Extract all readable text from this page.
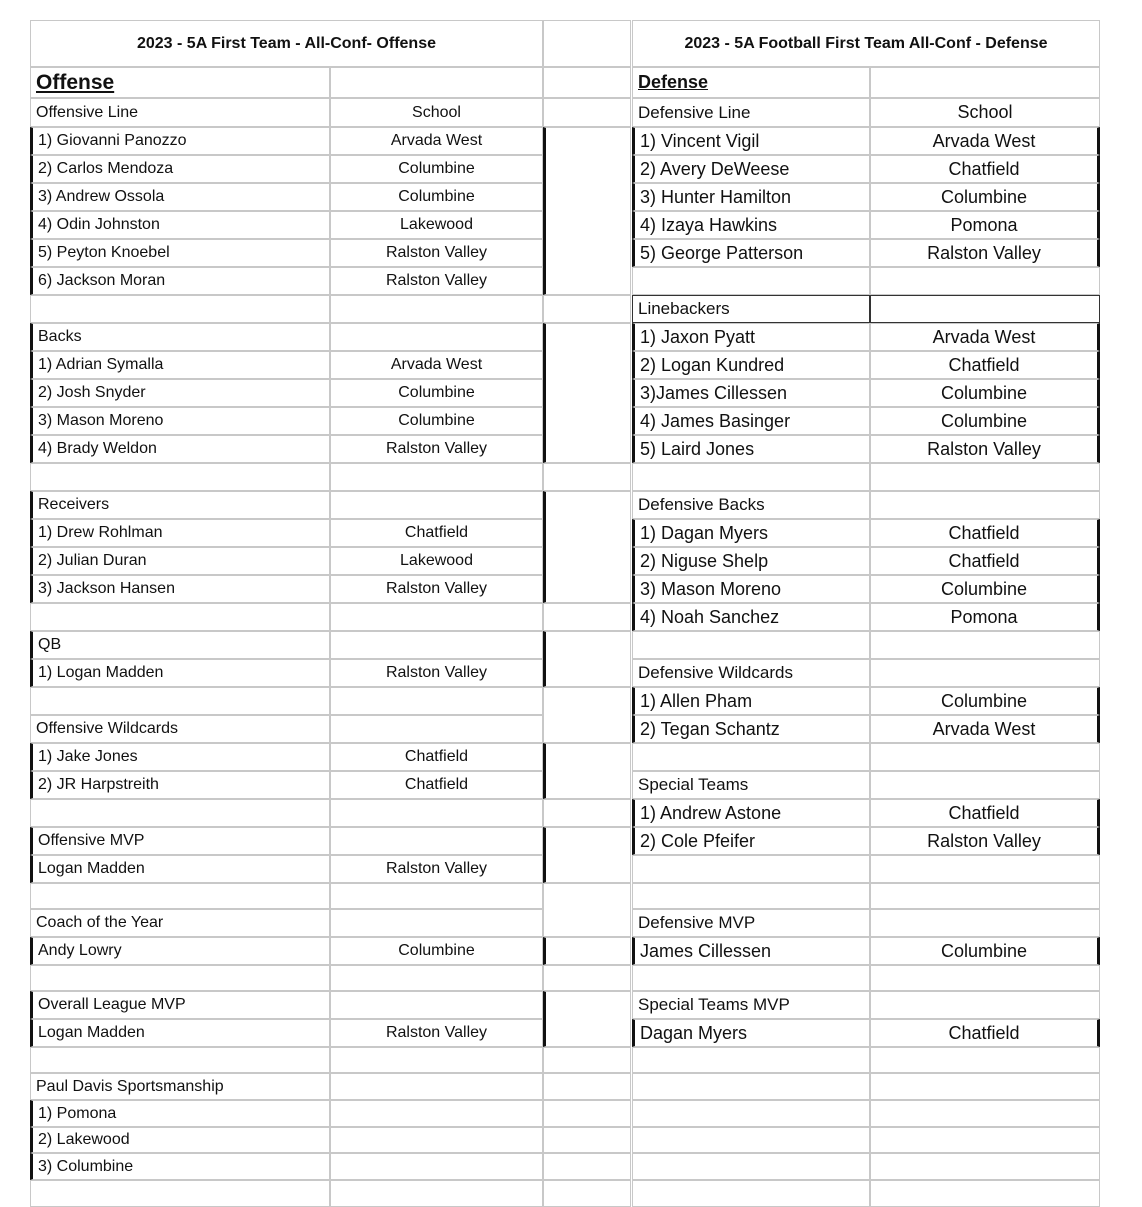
2023 - 5A First Team - All-Conf- Offense
Offense
Offensive Line	School
1) Giovanni Panozzo	Arvada West
2) Carlos Mendoza	Columbine
3) Andrew Ossola	Columbine
4) Odin Johnston	Lakewood
5) Peyton Knoebel	Ralston Valley
6) Jackson Moran	Ralston Valley
Backs
1) Adrian Symalla	Arvada West
2) Josh Snyder	Columbine
3) Mason Moreno	Columbine
4) Brady Weldon	Ralston Valley
Receivers
1) Drew Rohlman	Chatfield
2) Julian Duran	Lakewood
3) Jackson Hansen	Ralston Valley
QB
1) Logan Madden	Ralston Valley
Offensive Wildcards
1) Jake Jones	Chatfield
2) JR Harpstreith	Chatfield
Offensive MVP
Logan Madden	Ralston Valley
Coach of the Year
Andy Lowry	Columbine
Overall League MVP
Logan Madden	Ralston Valley
Paul Davis Sportsmanship
1) Pomona
2) Lakewood
3) Columbine
2023 - 5A Football First Team All-Conf - Defense
Defense
Defensive Line	School
1) Vincent Vigil	Arvada West
2) Avery DeWeese	Chatfield
3) Hunter Hamilton	Columbine
4) Izaya Hawkins	Pomona
5) George Patterson	Ralston Valley
Linebackers
1) Jaxon Pyatt	Arvada West
2) Logan Kundred	Chatfield
3)James Cillessen	Columbine
4) James Basinger	Columbine
5) Laird Jones	Ralston Valley
Defensive Backs
1) Dagan Myers	Chatfield
2) Niguse Shelp	Chatfield
3) Mason Moreno	Columbine
4) Noah Sanchez	Pomona
Defensive Wildcards
1) Allen Pham	Columbine
2) Tegan Schantz	Arvada West
Special Teams
1) Andrew Astone	Chatfield
2) Cole Pfeifer	Ralston Valley
Defensive MVP
James Cillessen	Columbine
Special Teams MVP
Dagan Myers	Chatfield
